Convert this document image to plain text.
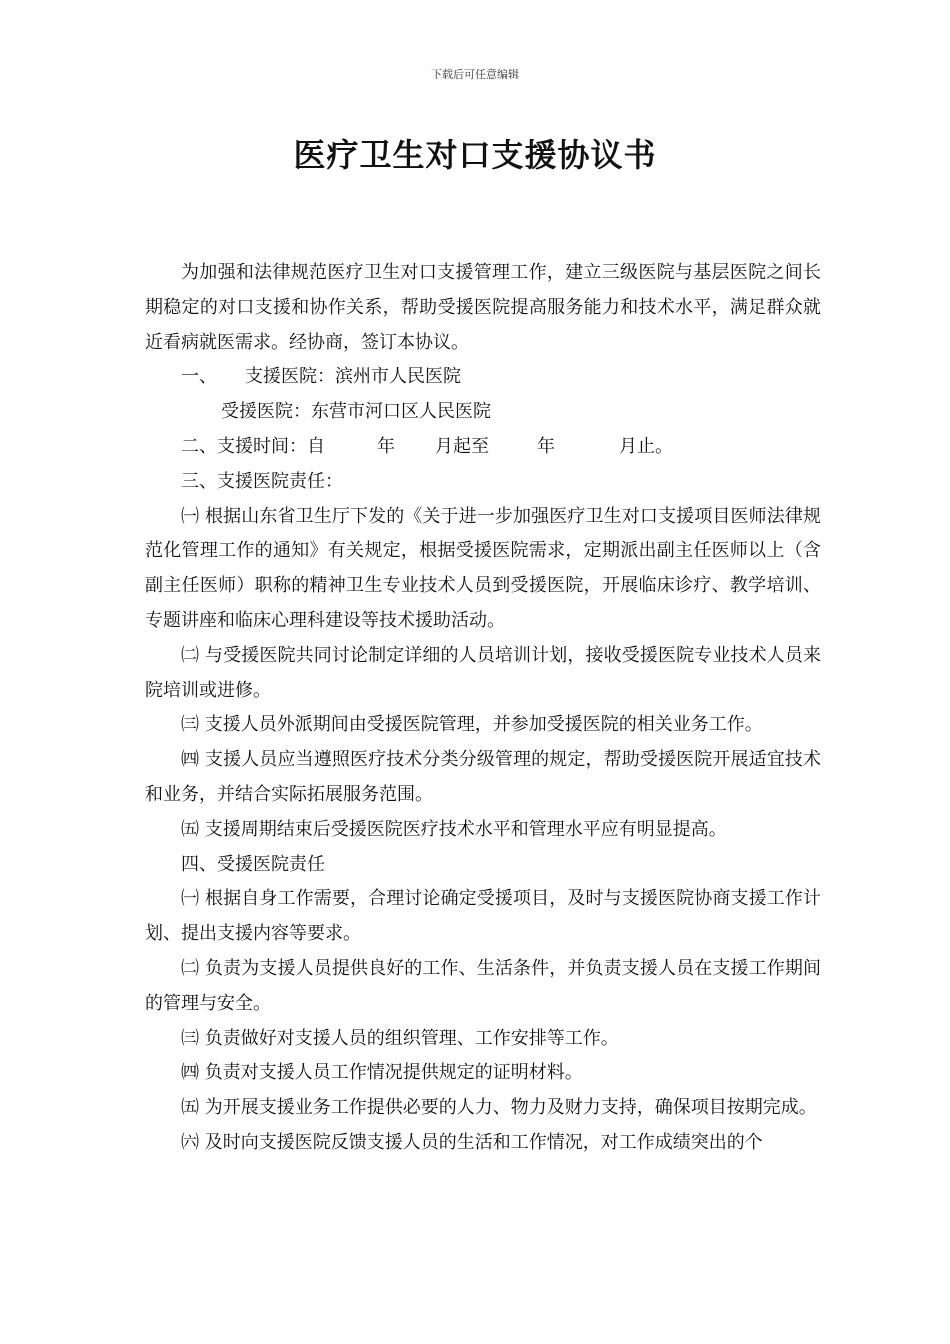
下载后可任意编辑
医疗卫生对口支援协议书

为加强和法律规范医疗卫生对口支援管理工作，建立三级医院与基层医院之间长期稳定的对口支援和协作关系，帮助受援医院提高服务能力和技术水平，满足群众就近看病就医需求。经协商，签订本协议。

一、 支援医院：滨州市人民医院

受援医院：东营市河口区人民医院

二、支援时间：自	年 月起至	年	月止。

三、支援医院责任：

㈠ 根据山东省卫生厅下发的《关于进一步加强医疗卫生对口支援项目医师法律规范化管理工作的通知》有关规定，根据受援医院需求，定期派出副主任医师以上（含副主任医师）职称的精神卫生专业技术人员到受援医院，开展临床诊疗、教学培训、专题讲座和临床心理科建设等技术援助活动。

㈡ 与受援医院共同讨论制定详细的人员培训计划，接收受援医院专业技术人员来院培训或进修。

㈢ 支援人员外派期间由受援医院管理，并参加受援医院的相关业务工作。

㈣ 支援人员应当遵照医疗技术分类分级管理的规定，帮助受援医院开展适宜技术和业务，并结合实际拓展服务范围。

㈤ 支援周期结束后受援医院医疗技术水平和管理水平应有明显提高。

四、受援医院责任

㈠ 根据自身工作需要，合理讨论确定受援项目，及时与支援医院协商支援工作计划、提出支援内容等要求。

㈡ 负责为支援人员提供良好的工作、生活条件，并负责支援人员在支援工作期间的管理与安全。

㈢ 负责做好对支援人员的组织管理、工作安排等工作。

㈣ 负责对支援人员工作情况提供规定的证明材料。

㈤ 为开展支援业务工作提供必要的人力、物力及财力支持，确保项目按期完成。

㈥ 及时向支援医院反馈支援人员的生活和工作情况，对工作成绩突出的个
